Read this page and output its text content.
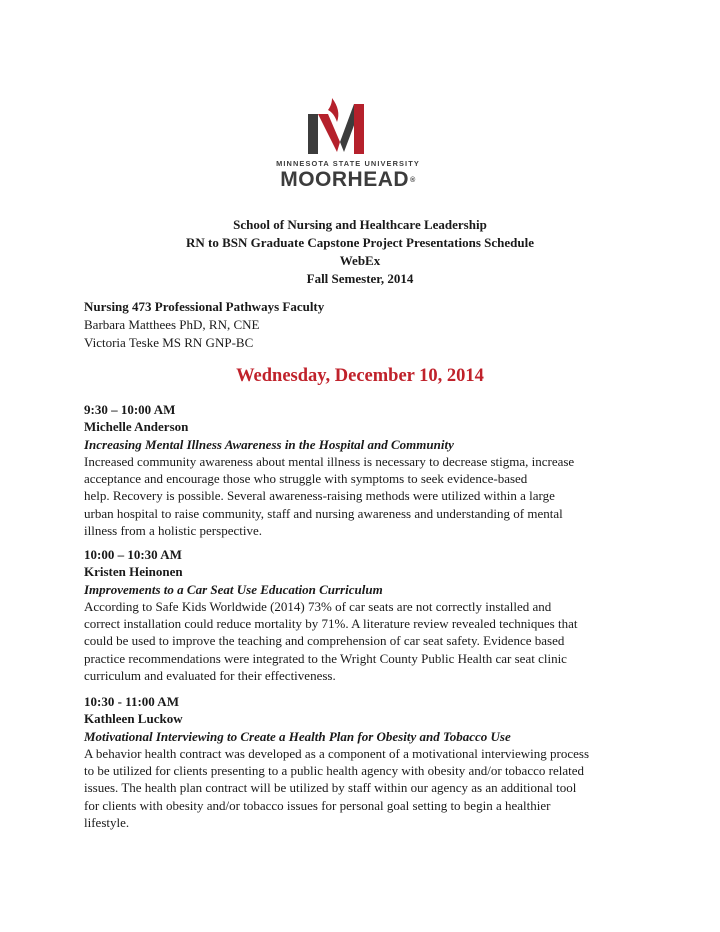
MINNESOTA STATE UNIVERSITY
MOORHEAD®
School of Nursing and Healthcare Leadership
RN to BSN Graduate Capstone Project Presentations Schedule
WebEx
Fall Semester, 2014
Nursing 473 Professional Pathways Faculty
Barbara Matthees PhD, RN, CNE
Victoria Teske MS RN GNP-BC
Wednesday, December 10, 2014
9:30 – 10:00 AM
Michelle Anderson
Increasing Mental Illness Awareness in the Hospital and Community
Increased community awareness about mental illness is necessary to decrease stigma, increase
acceptance and encourage those who struggle with symptoms to seek evidence-based
help. Recovery is possible. Several awareness-raising methods were utilized within a large
urban hospital to raise community, staff and nursing awareness and understanding of mental
illness from a holistic perspective.
10:00 – 10:30 AM
Kristen Heinonen
Improvements to a Car Seat Use Education Curriculum
According to Safe Kids Worldwide (2014) 73% of car seats are not correctly installed and
correct installation could reduce mortality by 71%. A literature review revealed techniques that
could be used to improve the teaching and comprehension of car seat safety. Evidence based
practice recommendations were integrated to the Wright County Public Health car seat clinic
curriculum and evaluated for their effectiveness.
10:30 - 11:00 AM
Kathleen Luckow
Motivational Interviewing to Create a Health Plan for Obesity and Tobacco Use
A behavior health contract was developed as a component of a motivational interviewing process
to be utilized for clients presenting to a public health agency with obesity and/or tobacco related
issues. The health plan contract will be utilized by staff within our agency as an additional tool
for clients with obesity and/or tobacco issues for personal goal setting to begin a healthier
lifestyle.
